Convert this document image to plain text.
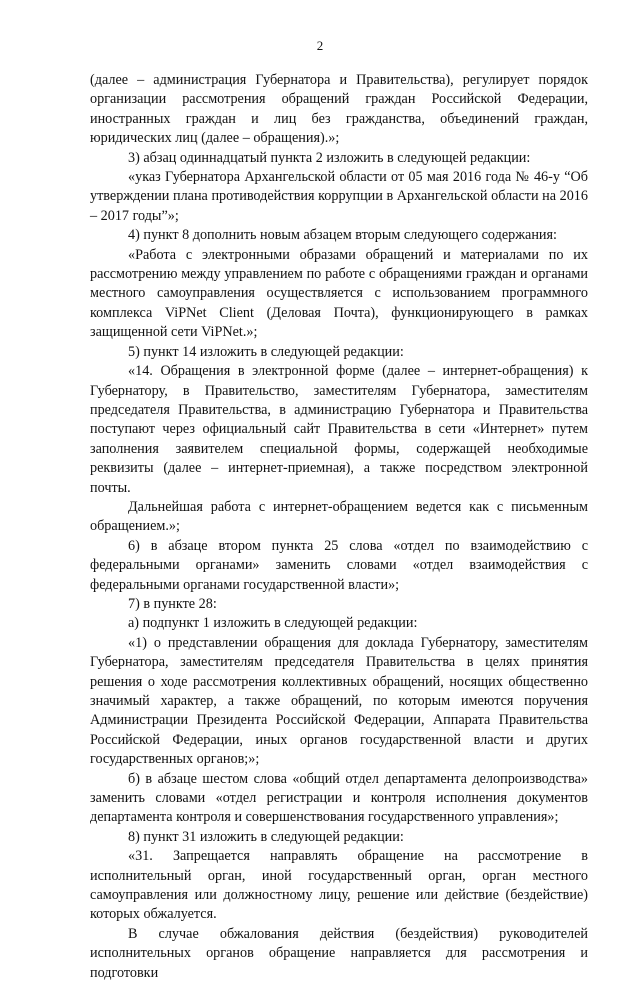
2

(далее – администрация Губернатора и Правительства), регулирует порядок организации рассмотрения обращений граждан Российской Федерации, иностранных граждан и лиц без гражданства, объединений граждан, юридических лиц (далее – обращения).»;

3) абзац одиннадцатый пункта 2 изложить в следующей редакции:

«указ Губернатора Архангельской области от 05 мая 2016 года № 46-у “Об утверждении плана противодействия коррупции в Архангельской области на 2016 – 2017 годы”»;

4) пункт 8 дополнить новым абзацем вторым следующего содержания:

«Работа с электронными образами обращений и материалами по их рассмотрению между управлением по работе с обращениями граждан и органами местного самоуправления осуществляется с использованием программного комплекса ViPNet Client (Деловая Почта), функционирующего в рамках защищенной сети ViPNet.»;

5) пункт 14 изложить в следующей редакции:

«14. Обращения в электронной форме (далее – интернет-обращения) к Губернатору, в Правительство, заместителям Губернатора, заместителям председателя Правительства, в администрацию Губернатора и Правительства поступают через официальный сайт Правительства в сети «Интернет» путем заполнения заявителем специальной формы, содержащей необходимые реквизиты (далее – интернет-приемная), а также посредством электронной почты.

Дальнейшая работа с интернет-обращением ведется как с письменным обращением.»;

6) в абзаце втором пункта 25 слова «отдел по взаимодействию с федеральными органами» заменить словами «отдел взаимодействия с федеральными органами государственной власти»;

7) в пункте 28:

а) подпункт 1 изложить в следующей редакции:

«1) о представлении обращения для доклада Губернатору, заместителям Губернатора, заместителям председателя Правительства в целях принятия решения о ходе рассмотрения коллективных обращений, носящих общественно значимый характер, а также обращений, по которым имеются поручения Администрации Президента Российской Федерации, Аппарата Правительства Российской Федерации, иных органов государственной власти и других государственных органов;»;

б) в абзаце шестом слова «общий отдел департамента делопроизводства» заменить словами «отдел регистрации и контроля исполнения документов департамента контроля и совершенствования государственного управления»;

8) пункт 31 изложить в следующей редакции:

«31. Запрещается направлять обращение на рассмотрение в исполнительный орган, иной государственный орган, орган местного самоуправления или должностному лицу, решение или действие (бездействие) которых обжалуется.

В случае обжалования действия (бездействия) руководителей исполнительных органов обращение направляется для рассмотрения и подготовки
